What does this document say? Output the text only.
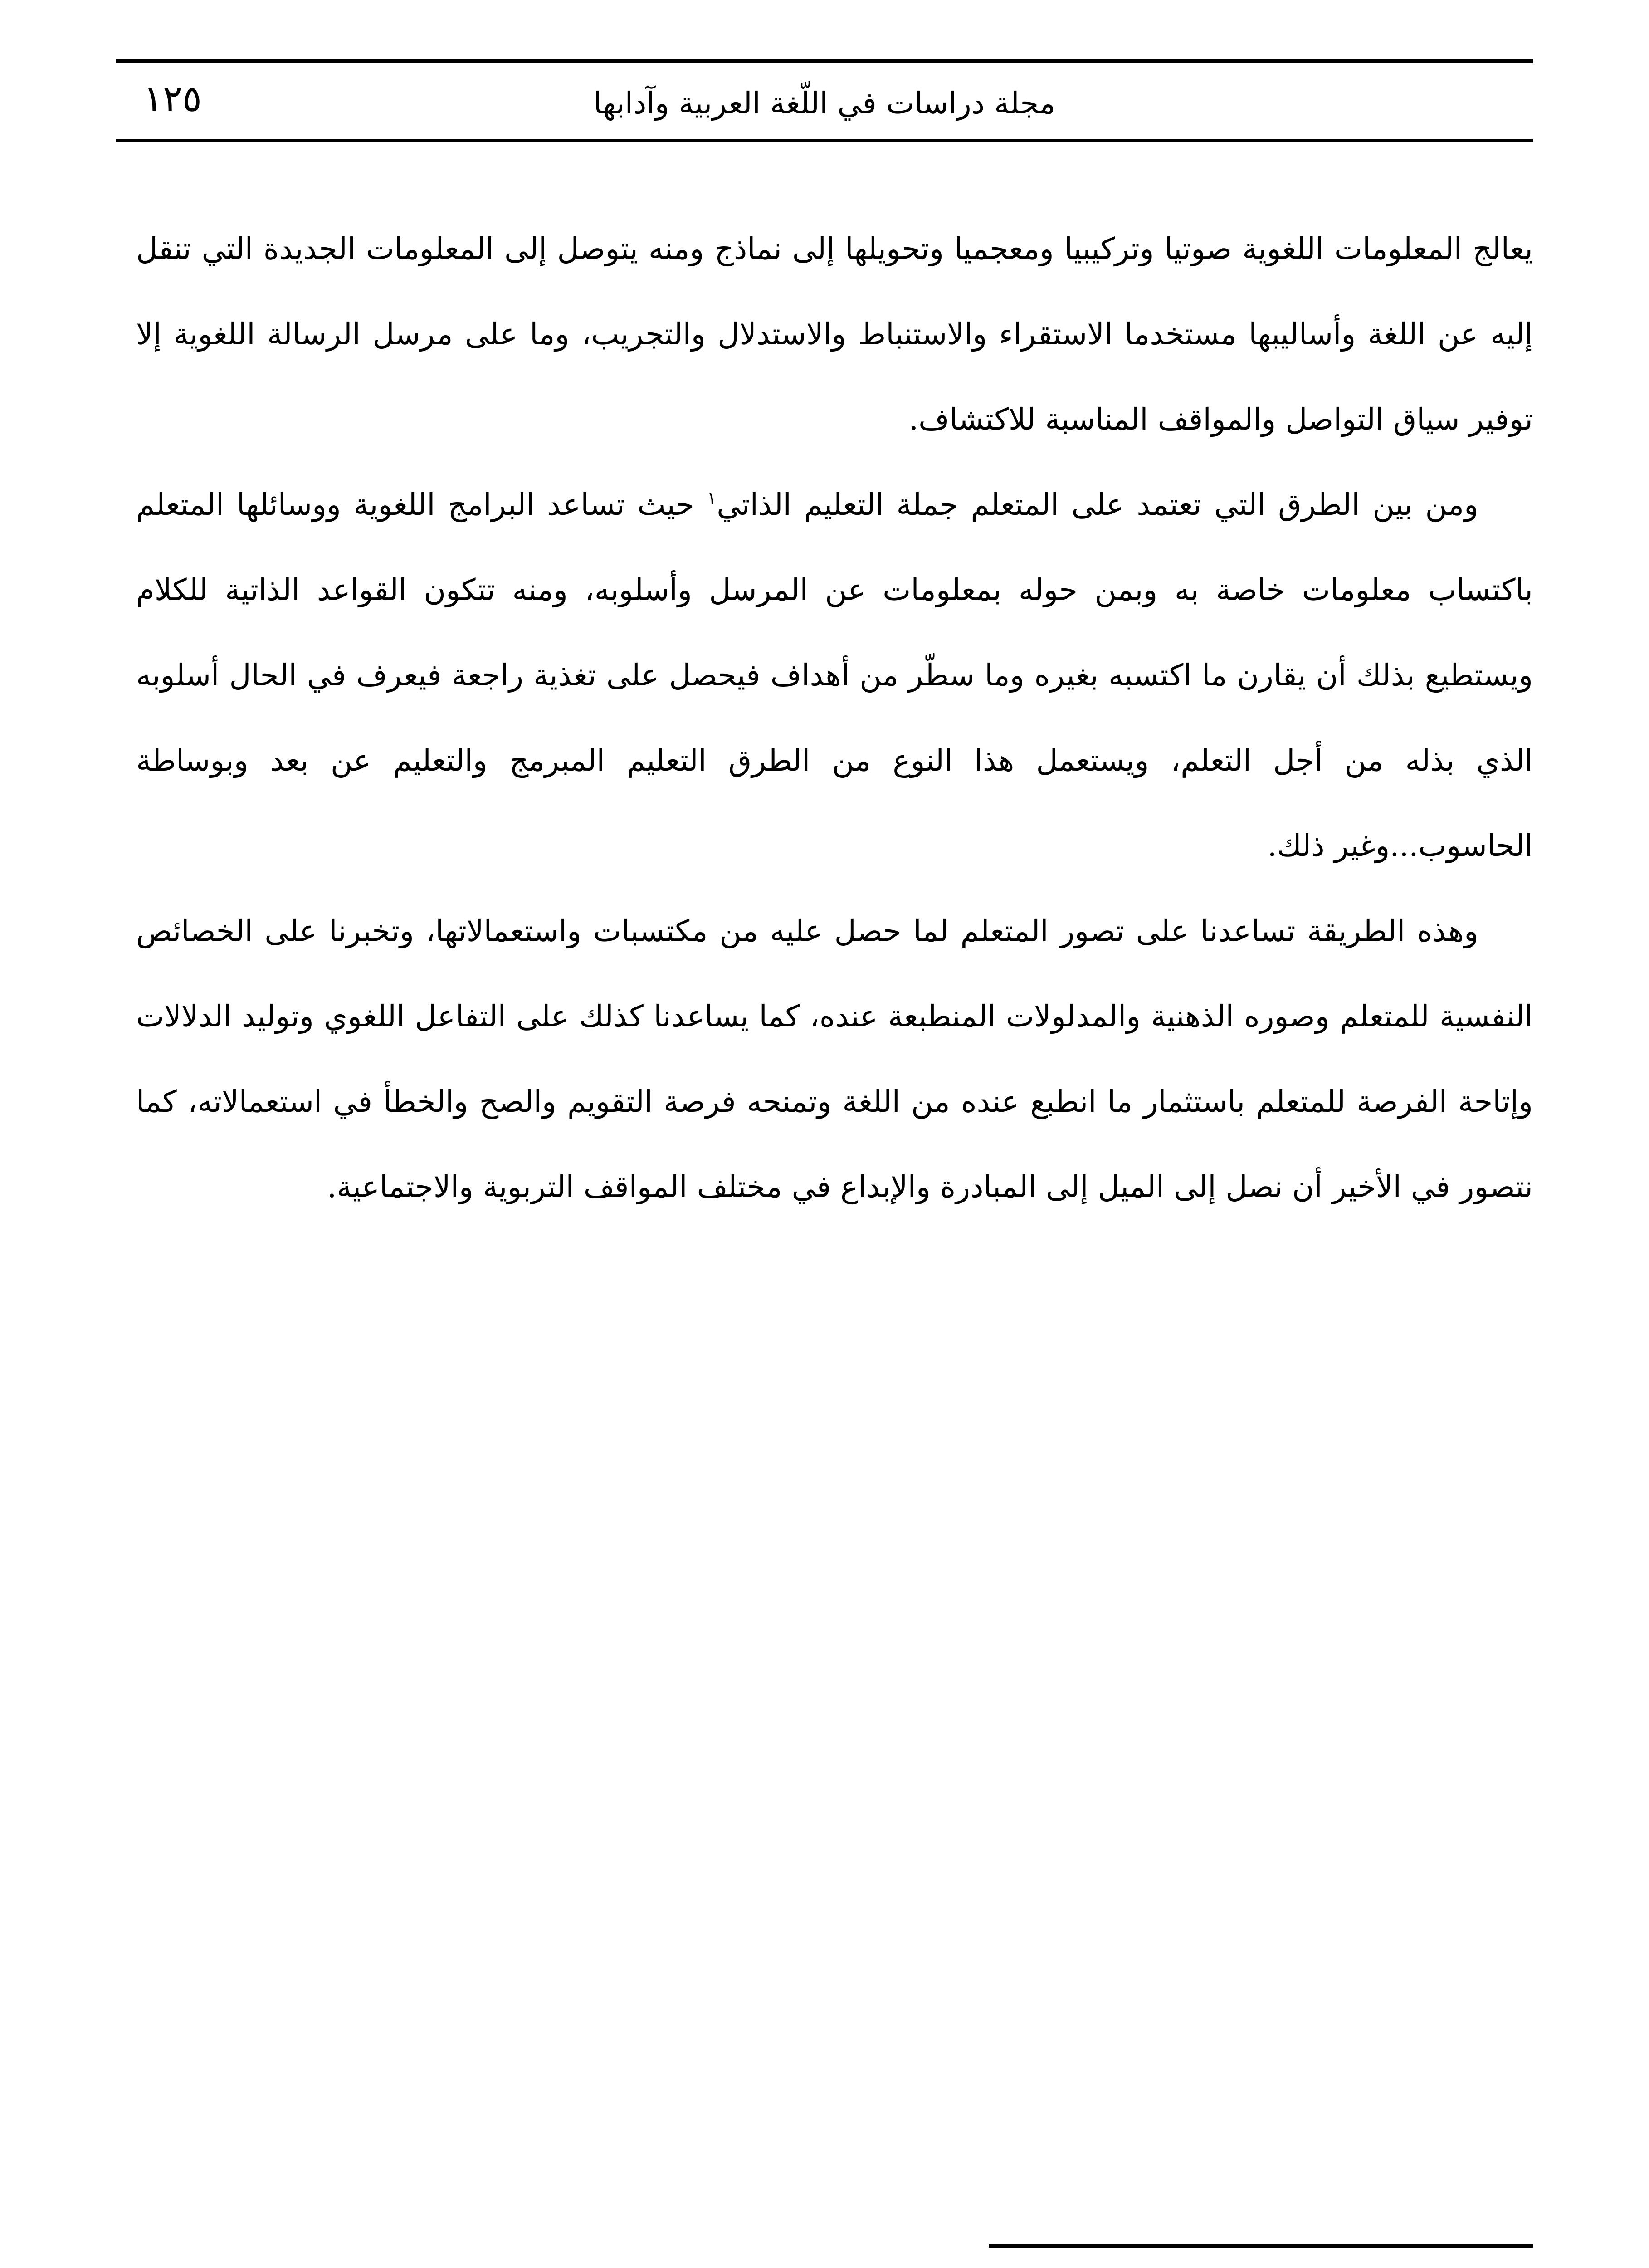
١٢٥	مجلة دراسات في اللّغة العربية وآدابها

يعالج المعلومات اللغوية صوتيا وتركيبيا ومعجميا وتحويلها إلى نماذج ومنه يتوصل إلى المعلومات الجديدة التي تنقل إليه عن اللغة وأساليبها مستخدما الاستقراء والاستنباط والاستدلال والتجريب، وما على مرسل الرسالة اللغوية إلا توفير سياق التواصل والمواقف المناسبة للاكتشاف.

ومن بين الطرق التي تعتمد على المتعلم جملة التعليم الذاتي$^١$ حيث تساعد البرامج اللغوية ووسائلها المتعلم باكتساب معلومات خاصة به وبمن حوله بمعلومات عن المرسل وأسلوبه، ومنه تتكون القواعد الذاتية للكلام ويستطيع بذلك أن يقارن ما اكتسبه بغيره وما سطّر من أهداف فيحصل على تغذية راجعة فيعرف في الحال أسلوبه الذي بذله من أجل التعلم، ويستعمل هذا النوع من الطرق التعليم المبرمج والتعليم عن بعد وبوساطة الحاسوب...وغير ذلك.

وهذه الطريقة تساعدنا على تصور المتعلم لما حصل عليه من مكتسبات واستعمالاتها، وتخبرنا على الخصائص النفسية للمتعلم وصوره الذهنية والمدلولات المنطبعة عنده، كما يساعدنا كذلك على التفاعل اللغوي وتوليد الدلالات وإتاحة الفرصة للمتعلم باستثمار ما انطبع عنده من اللغة وتمنحه فرصة التقويم والصح والخطأ في استعمالاته، كما نتصور في الأخير أن نصل إلى الميل إلى المبادرة والإبداع في مختلف المواقف التربوية والاجتماعية.
